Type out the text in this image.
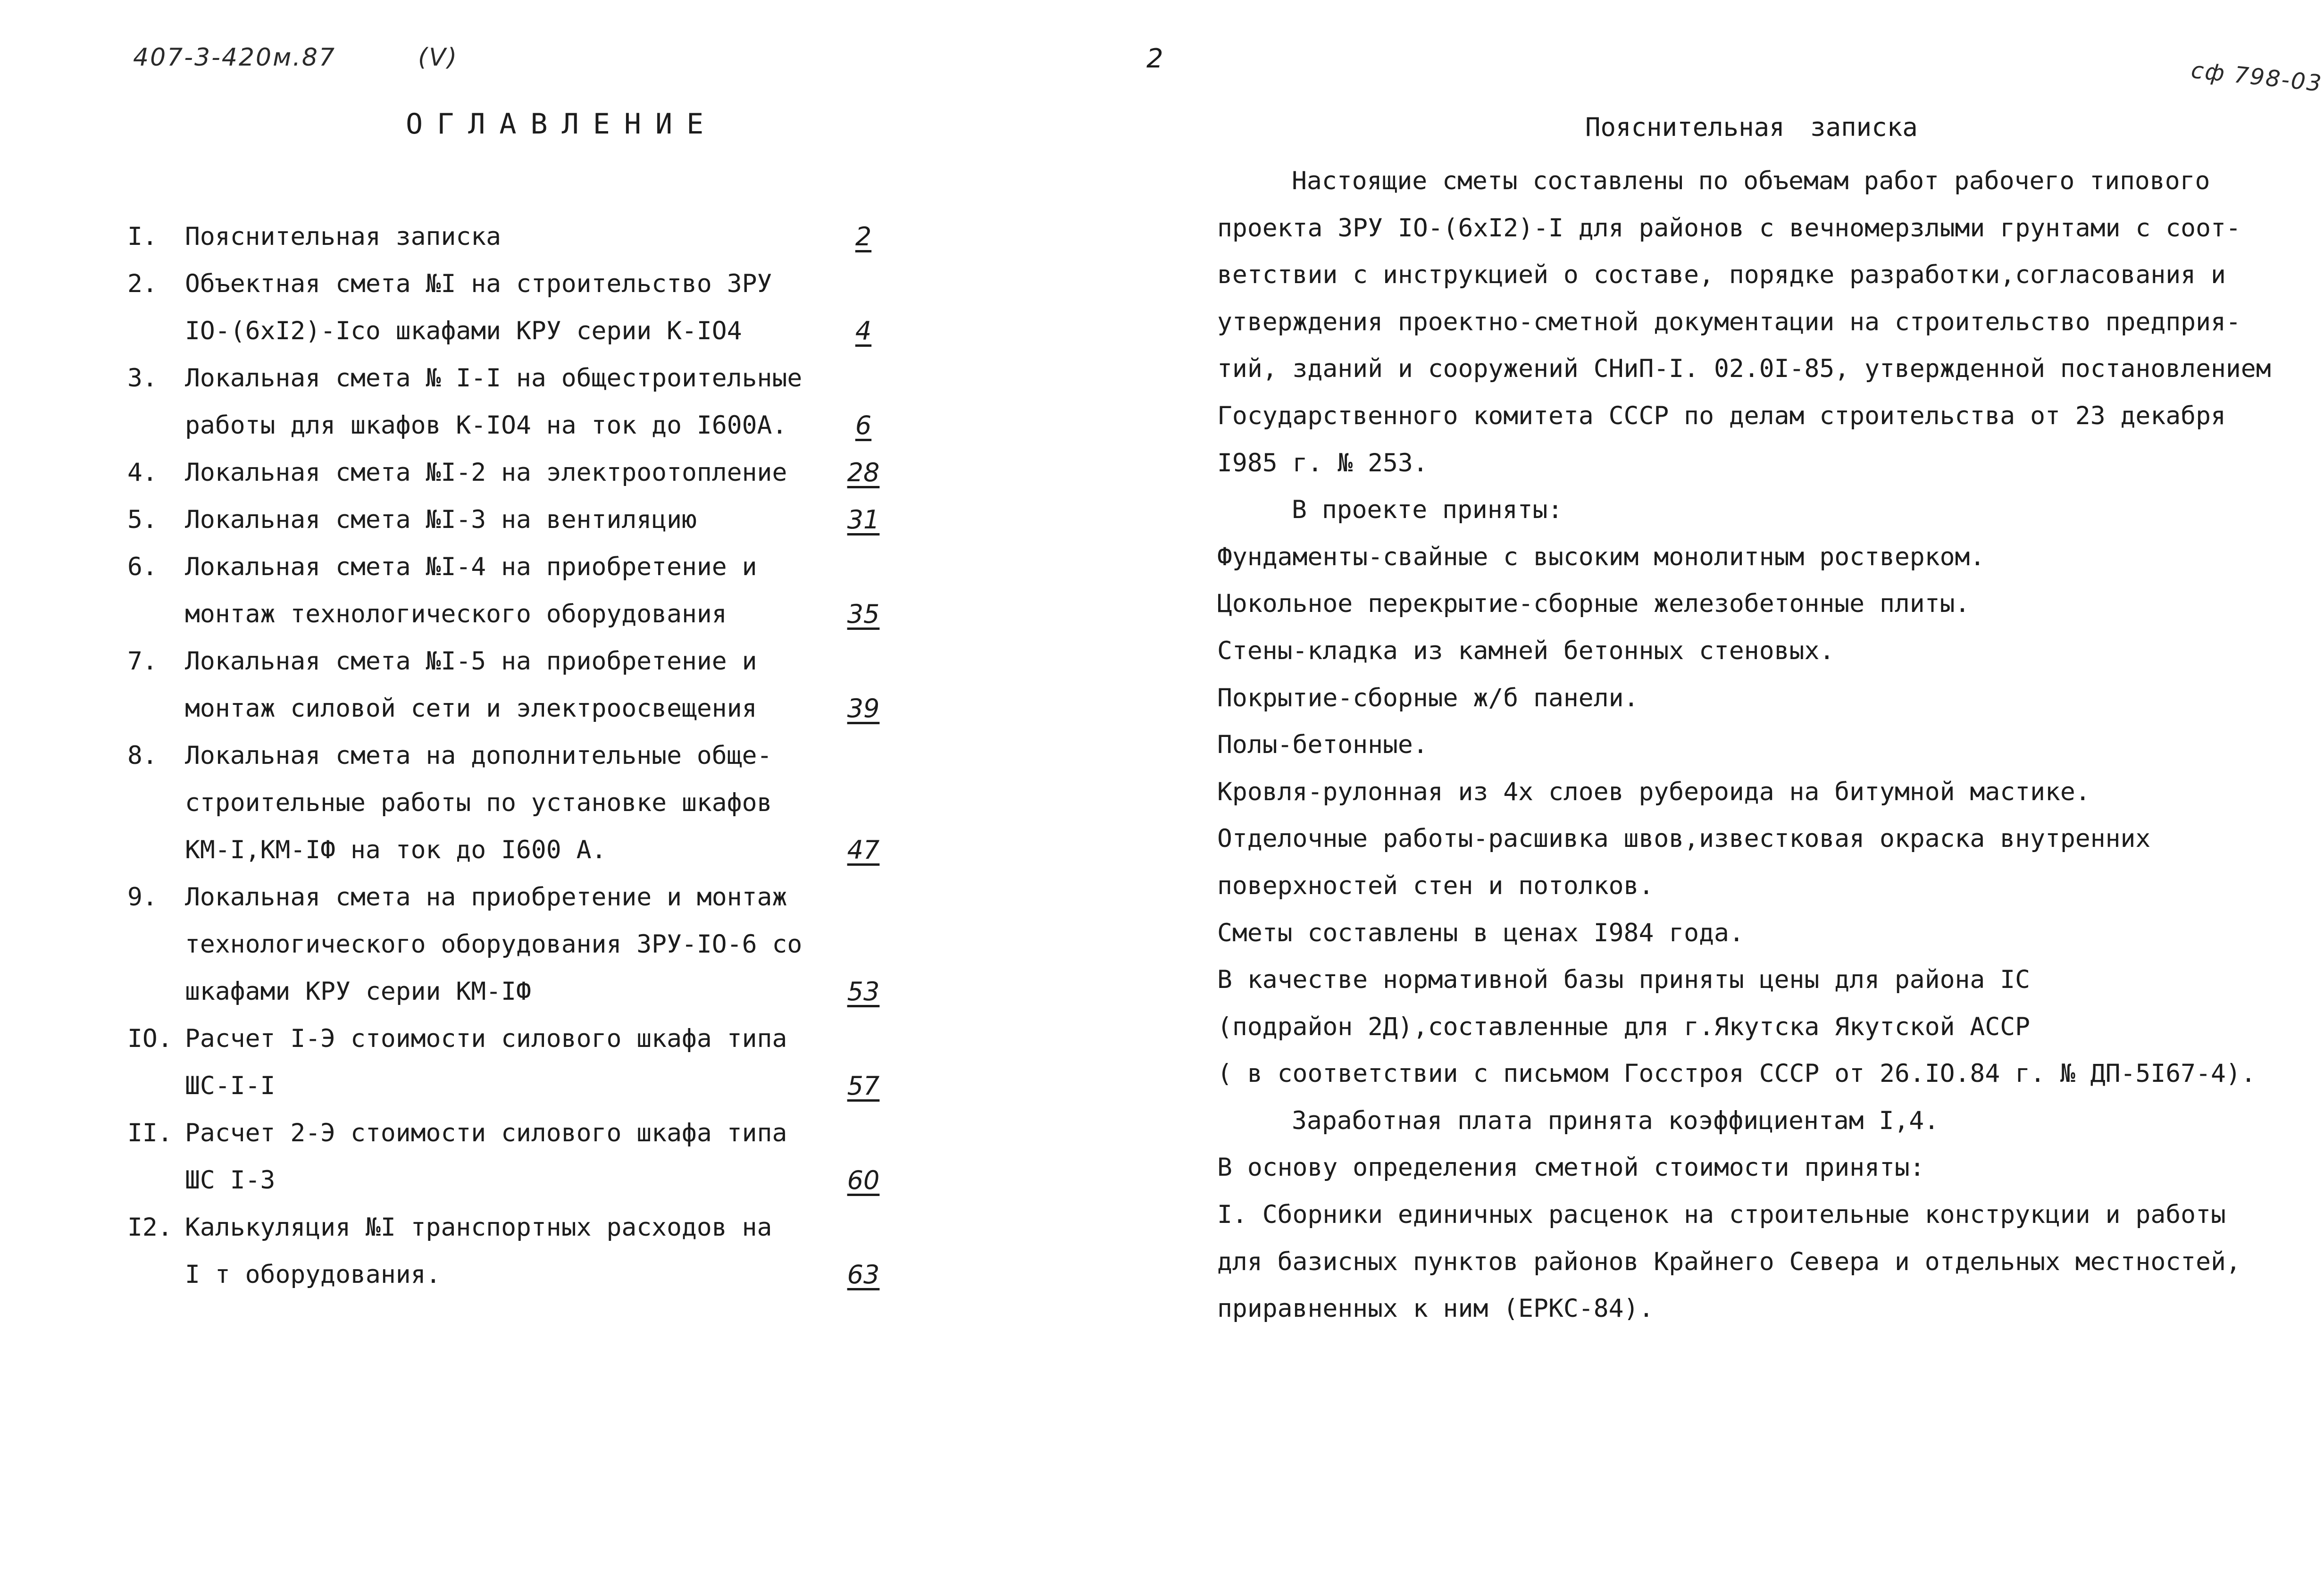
407-3-420м.87	(V)
ОГЛАВЛЕНИЕ
I.	Пояснительная записка	2
2.	Объектная смета №I на строительство ЗРУ
IO-(6xI2)-Iсо шкафами КРУ серии К-IO4	4
3.	Локальная смета № I-I на общестроительные
работы для шкафов К-IO4 на ток до I600А.	6
4.	Локальная смета №I-2 на электроотопление	28
5.	Локальная смета №I-3 на вентиляцию	31
6.	Локальная смета №I-4 на приобретение и
монтаж технологического оборудования	35
7.	Локальная смета №I-5 на приобретение и
монтаж силовой сети и электроосвещения	39
8.	Локальная смета на дополнительные обще-
строительные работы по установке шкафов
КМ-I,КМ-IФ на ток до I600 А.	47
9.	Локальная смета на приобретение и монтаж
технологического оборудования ЗРУ-IO-6 со
шкафами КРУ серии КМ-IФ	53
IO. Расчет I-Э стоимости силового шкафа типа
ШС-I-I	57
II. Расчет 2-Э стоимости силового шкафа типа
ШС I-3	60
I2. Калькуляция №I транспортных расходов на
I т оборудования.	63
2	сф 798-03
Пояснительная записка

Настоящие сметы составлены по объемам работ рабочего типового

проекта ЗРУ IO-(6xI2)-I для районов с вечномерзлыми грунтами с соот-

ветствии с инструкцией о составе, порядке разработки,согласования и

утверждения проектно-сметной документации на строительство предприя-

тий, зданий и сооружений СНиП-I. 02.0I-85, утвержденной постановлением

Государственного комитета СССР по делам строительства от 23 декабря

I985 г. № 253.

В проекте приняты:

Фундаменты-свайные с высоким монолитным ростверком.

Цокольное перекрытие-сборные железобетонные плиты.

Стены-кладка из камней бетонных стеновых.

Покрытие-сборные ж/б панели.

Полы-бетонные.

Кровля-рулонная из 4х слоев рубероида на битумной мастике.

Отделочные работы-расшивка швов,известковая окраска внутренних

поверхностей стен и потолков.

Сметы составлены в ценах I984 года.

В качестве нормативной базы приняты цены для района IС

(подрайон 2Д),составленные для г.Якутска Якутской АССР

( в соответствии с письмом Госстроя СССР от 26.IO.84 г. № ДП-5I67-4).

Заработная плата принята коэффициентам I,4.

В основу определения сметной стоимости приняты:

I. Сборники единичных расценок на строительные конструкции и работы

для базисных пунктов районов Крайнего Севера и отдельных местностей,

приравненных к ним (ЕРКС-84).
